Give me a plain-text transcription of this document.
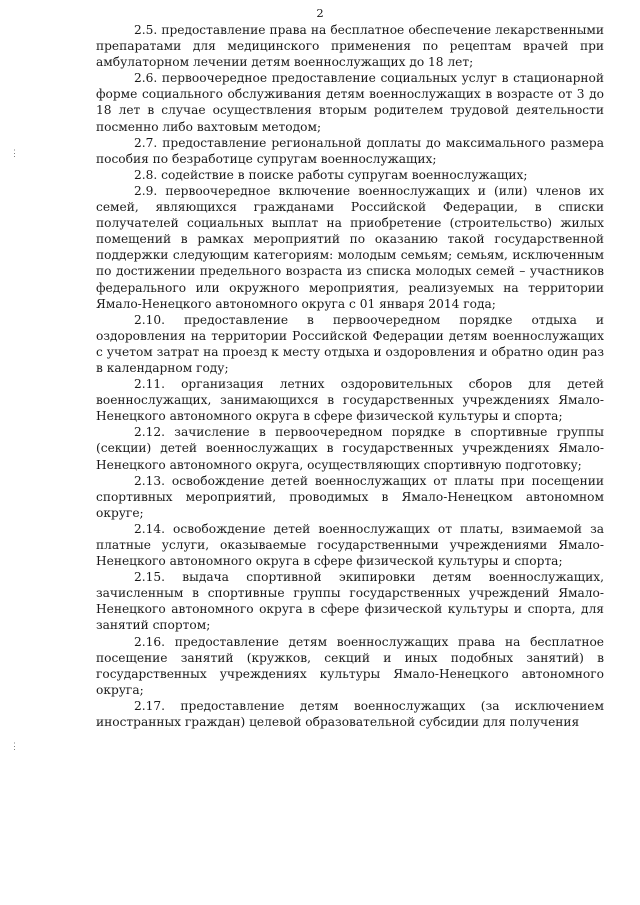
2
⋮
⋮

2.5. предоставление права на бесплатное обеспечение лекарственными препаратами для медицинского применения по рецептам врачей при амбулаторном лечении детям военнослужащих до 18 лет;

2.6. первоочередное предоставление социальных услуг в стационарной форме социального обслуживания детям военнослужащих в возрасте от 3 до 18 лет в случае осуществления вторым родителем трудовой деятельности посменно либо вахтовым методом;

2.7. предоставление региональной доплаты до максимального размера пособия по безработице супругам военнослужащих;

2.8. содействие в поиске работы супругам военнослужащих;

2.9. первоочередное включение военнослужащих и (или) членов их семей, являющихся гражданами Российской Федерации, в списки получателей социальных выплат на приобретение (строительство) жилых помещений в рамках мероприятий по оказанию такой государственной поддержки следующим категориям: молодым семьям; семьям, исключенным по достижении предельного возраста из списка молодых семей – участников федерального или окружного мероприятия, реализуемых на территории Ямало-Ненецкого автономного округа с 01 января 2014 года;

2.10. предоставление в первоочередном порядке отдыха и оздоровления на территории Российской Федерации детям военнослужащих с учетом затрат на проезд к месту отдыха и оздоровления и обратно один раз в календарном году;

2.11. организация летних оздоровительных сборов для детей военнослужащих, занимающихся в государственных учреждениях Ямало-Ненецкого автономного округа в сфере физической культуры и спорта;

2.12. зачисление в первоочередном порядке в спортивные группы (секции) детей военнослужащих в государственных учреждениях Ямало-Ненецкого автономного округа, осуществляющих спортивную подготовку;

2.13. освобождение детей военнослужащих от платы при посещении спортивных мероприятий, проводимых в Ямало-Ненецком автономном округе;

2.14. освобождение детей военнослужащих от платы, взимаемой за платные услуги, оказываемые государственными учреждениями Ямало-Ненецкого автономного округа в сфере физической культуры и спорта;

2.15. выдача спортивной экипировки детям военнослужащих, зачисленным в спортивные группы государственных учреждений Ямало-Ненецкого автономного округа в сфере физической культуры и спорта, для занятий спортом;

2.16. предоставление детям военнослужащих права на бесплатное посещение занятий (кружков, секций и иных подобных занятий) в государственных учреждениях культуры Ямало-Ненецкого автономного округа;

2.17. предоставление детям военнослужащих (за исключением иностранных граждан) целевой образовательной субсидии для получения
